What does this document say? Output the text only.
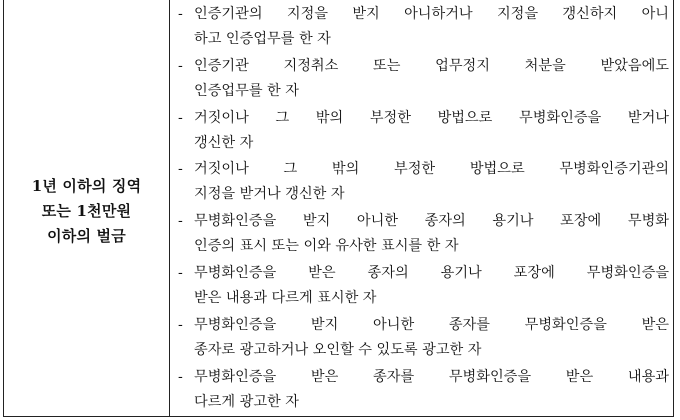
1년 이하의 징역
또는 1천만원
이하의 벌금
- 인증기관의 지정을 받지 아니하거나 지정을 갱신하지 아니
하고 인증업무를 한 자
- 인증기관 지정취소 또는 업무정지 처분을 받았음에도
인증업무를 한 자
- 거짓이나 그 밖의 부정한 방법으로 무병화인증을 받거나
갱신한 자
- 거짓이나 그 밖의 부정한 방법으로 무병화인증기관의
지정을 받거나 갱신한 자
- 무병화인증을 받지 아니한 종자의 용기나 포장에 무병화
인증의 표시 또는 이와 유사한 표시를 한 자
- 무병화인증을 받은 종자의 용기나 포장에 무병화인증을
받은 내용과 다르게 표시한 자
- 무병화인증을 받지 아니한 종자를 무병화인증을 받은
종자로 광고하거나 오인할 수 있도록 광고한 자
- 무병화인증을 받은 종자를 무병화인증을 받은 내용과
다르게 광고한 자
